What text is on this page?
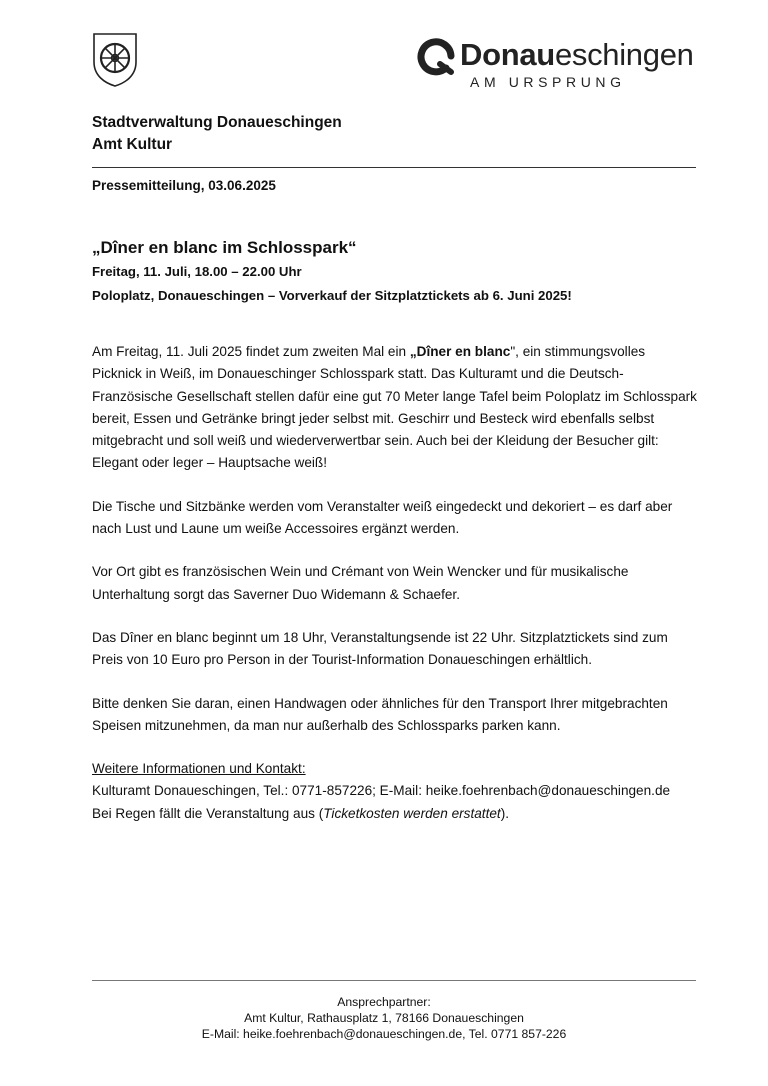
Donaueschingen
AM URSPRUNG
Stadtverwaltung Donaueschingen
Amt Kultur
Pressemitteilung, 03.06.2025
„Dîner en blanc im Schlosspark“
Freitag, 11. Juli, 18.00 – 22.00 Uhr
Poloplatz, Donaueschingen – Vorverkauf der Sitzplatztickets ab 6. Juni 2025!

Am Freitag, 11. Juli 2025 findet zum zweiten Mal ein „Dîner en blanc", ein stimmungsvolles Picknick in Weiß, im Donaueschinger Schlosspark statt. Das Kulturamt und die Deutsch-Französische Gesellschaft stellen dafür eine gut 70 Meter lange Tafel beim Poloplatz im Schlosspark bereit, Essen und Getränke bringt jeder selbst mit. Geschirr und Besteck wird ebenfalls selbst mitgebracht und soll weiß und wiederverwertbar sein. Auch bei der Kleidung der Besucher gilt: Elegant oder leger – Hauptsache weiß!

Die Tische und Sitzbänke werden vom Veranstalter weiß eingedeckt und dekoriert – es darf aber nach Lust und Laune um weiße Accessoires ergänzt werden.

Vor Ort gibt es französischen Wein und Crémant von Wein Wencker und für musikalische Unterhaltung sorgt das Saverner Duo Widemann & Schaefer.

Das Dîner en blanc beginnt um 18 Uhr, Veranstaltungsende ist 22 Uhr. Sitzplatztickets sind zum Preis von 10 Euro pro Person in der Tourist-Information Donaueschingen erhältlich.

Bitte denken Sie daran, einen Handwagen oder ähnliches für den Transport Ihrer mitgebrachten Speisen mitzunehmen, da man nur außerhalb des Schlossparks parken kann.

Weitere Informationen und Kontakt:
Kulturamt Donaueschingen, Tel.: 0771-857226; E-Mail: heike.foehrenbach@donaueschingen.de
Bei Regen fällt die Veranstaltung aus (Ticketkosten werden erstattet).
Ansprechpartner:
Amt Kultur, Rathausplatz 1, 78166 Donaueschingen
E-Mail: heike.foehrenbach@donaueschingen.de, Tel. 0771 857-226
